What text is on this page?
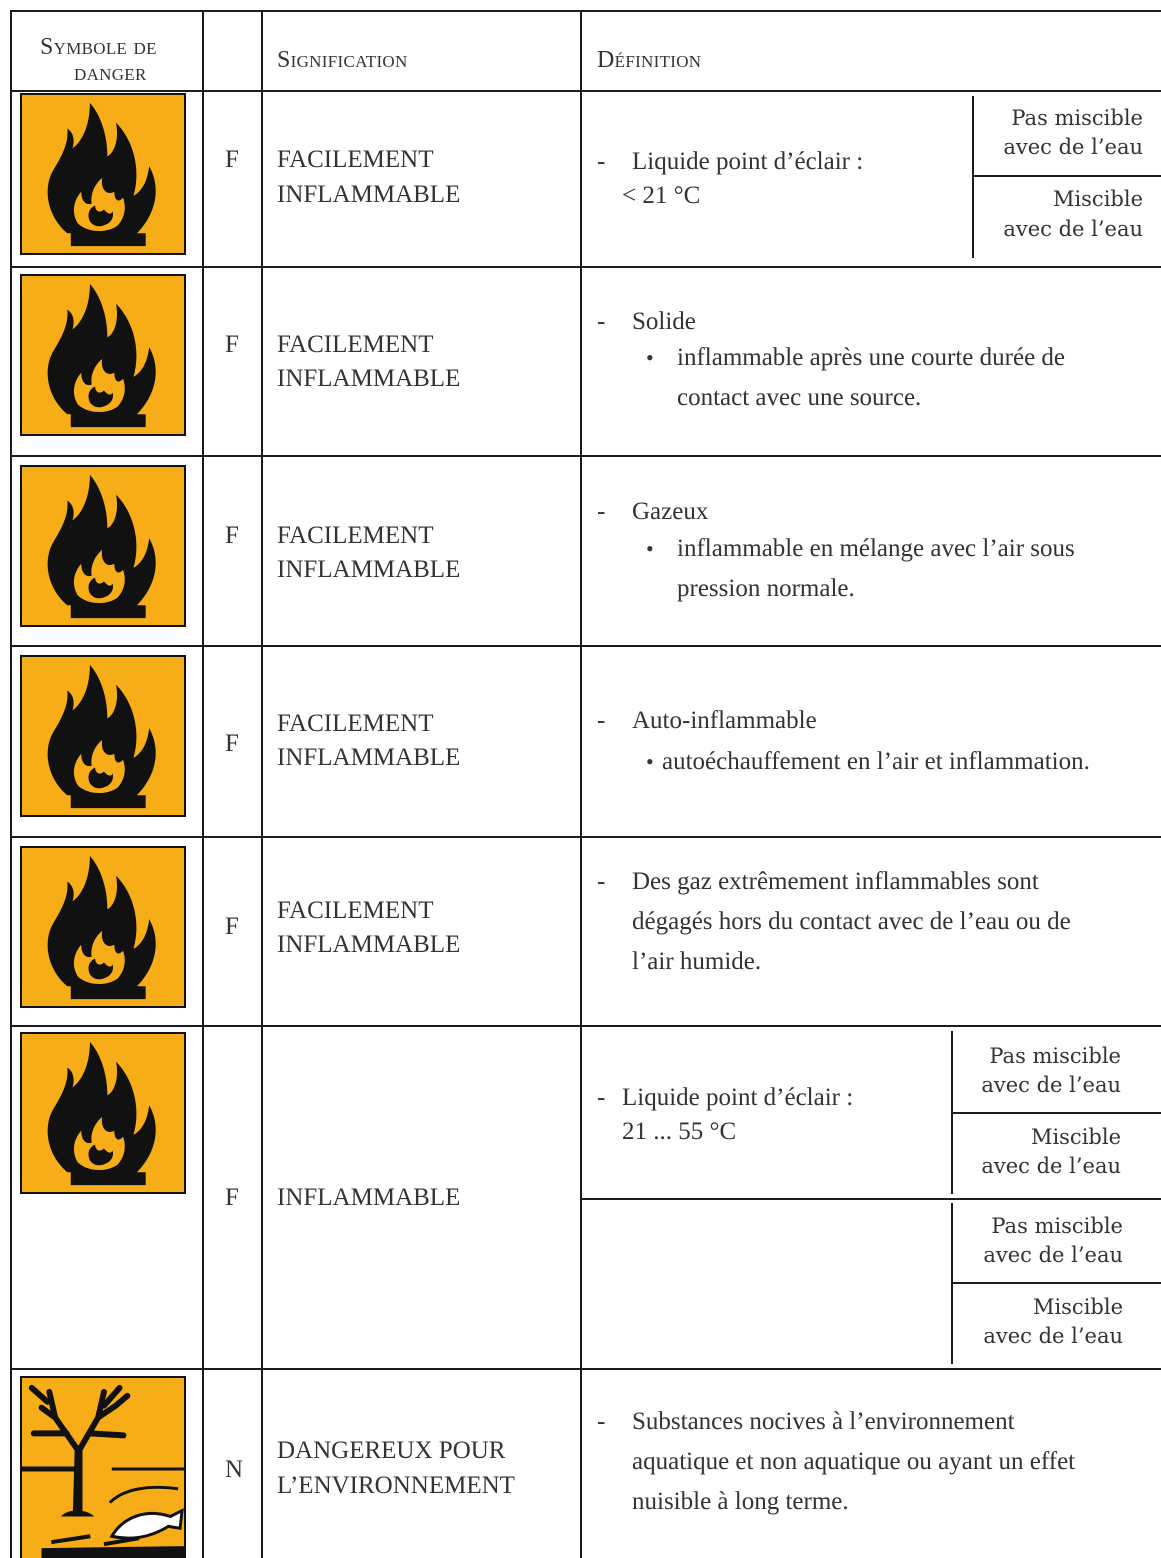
Symbole de
danger	Signification	Définition
F FACILEMENT
INFLAMMABLE
- Liquide point d’éclair :
< 21 °C
Pas miscible
avec de l’eau
Miscible
avec de l’eau
F FACILEMENT
INFLAMMABLE
- Solide
• inflammable après une courte durée de
contact avec une source.
F FACILEMENT
INFLAMMABLE
- Gazeux
• inflammable en mélange avec l’air sous
pression normale.
F
FACILEMENT
INFLAMMABLE
- Auto-inflammable
• autoéchauffement en l’air et inflammation.
F
FACILEMENT
INFLAMMABLE
- Des gaz extrêmement inflammables sont
dégagés hors du contact avec de l’eau ou de
l’air humide.
F INFLAMMABLE
- Liquide point d’éclair :
21 ... 55 °C
Pas miscible
avec de l’eau
Miscible
avec de l’eau
Pas miscible
avec de l’eau
Miscible
avec de l’eau
N
DANGEREUX POUR
L’ENVIRONNEMENT
- Substances nocives à l’environnement
aquatique et non aquatique ou ayant un effet
nuisible à long terme.
